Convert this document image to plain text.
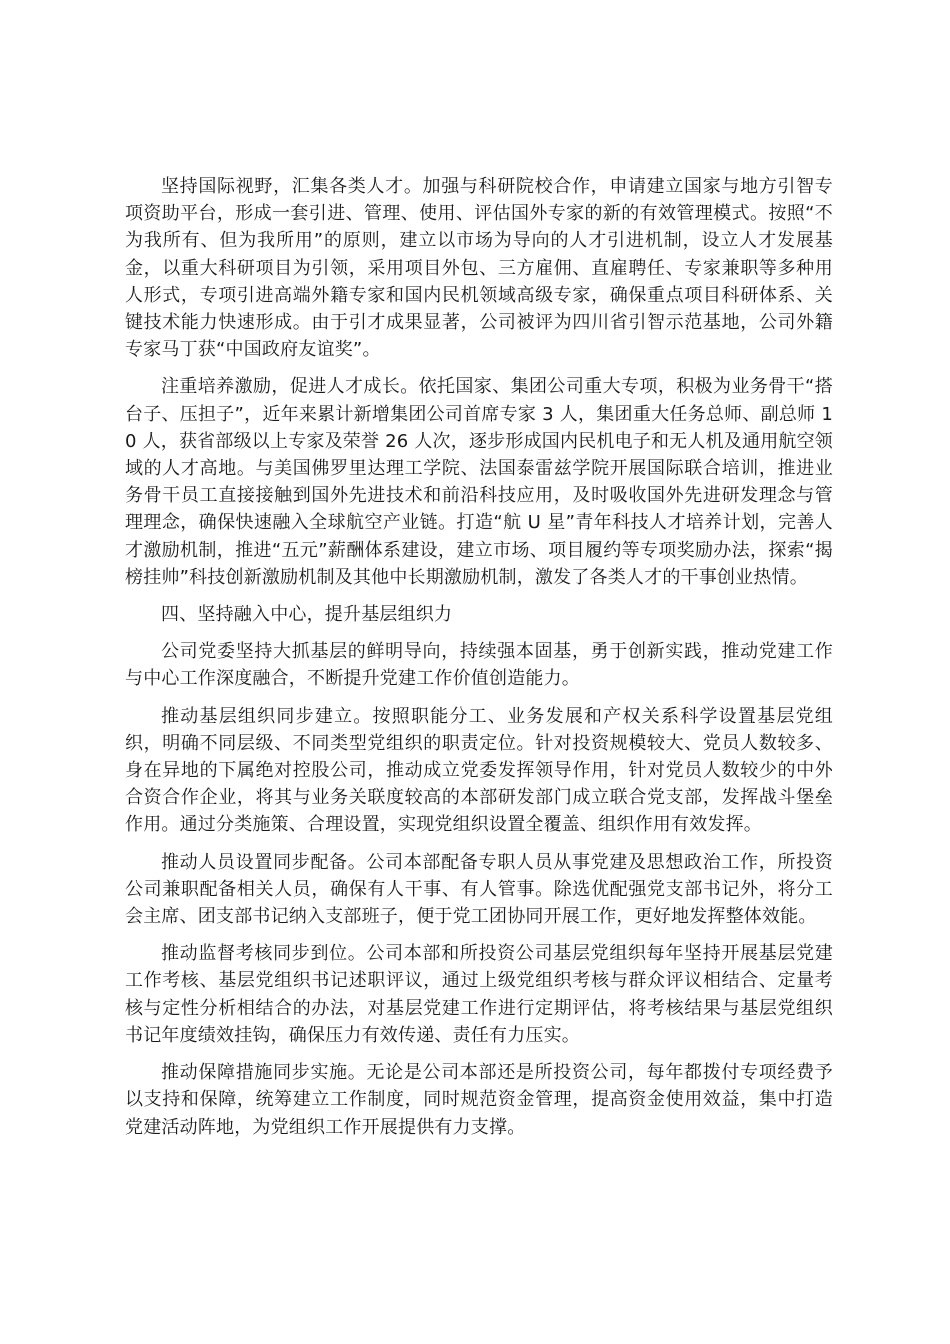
坚持国际视野，汇集各类人才。加强与科研院校合作，申请建立国家与地方引智专项资助平台，形成一套引进、管理、使用、评估国外专家的新的有效管理模式。按照“不为我所有、但为我所用”的原则，建立以市场为导向的人才引进机制，设立人才发展基金，以重大科研项目为引领，采用项目外包、三方雇佣、直雇聘任、专家兼职等多种用人形式，专项引进高端外籍专家和国内民机领域高级专家，确保重点项目科研体系、关键技术能力快速形成。由于引才成果显著，公司被评为四川省引智示范基地，公司外籍专家马丁获“中国政府友谊奖”。

注重培养激励，促进人才成长。依托国家、集团公司重大专项，积极为业务骨干“搭台子、压担子”，近年来累计新增集团公司首席专家 3 人，集团重大任务总师、副总师 10 人，获省部级以上专家及荣誉 26 人次，逐步形成国内民机电子和无人机及通用航空领域的人才高地。与美国佛罗里达理工学院、法国泰雷兹学院开展国际联合培训，推进业务骨干员工直接接触到国外先进技术和前沿科技应用，及时吸收国外先进研发理念与管理理念，确保快速融入全球航空产业链。打造“航 U 星”青年科技人才培养计划，完善人才激励机制，推进“五元”薪酬体系建设，建立市场、项目履约等专项奖励办法，探索“揭榜挂帅”科技创新激励机制及其他中长期激励机制，激发了各类人才的干事创业热情。

四、坚持融入中心，提升基层组织力

公司党委坚持大抓基层的鲜明导向，持续强本固基，勇于创新实践，推动党建工作与中心工作深度融合，不断提升党建工作价值创造能力。

推动基层组织同步建立。按照职能分工、业务发展和产权关系科学设置基层党组织，明确不同层级、不同类型党组织的职责定位。针对投资规模较大、党员人数较多、身在异地的下属绝对控股公司，推动成立党委发挥领导作用，针对党员人数较少的中外合资合作企业，将其与业务关联度较高的本部研发部门成立联合党支部，发挥战斗堡垒作用。通过分类施策、合理设置，实现党组织设置全覆盖、组织作用有效发挥。

推动人员设置同步配备。公司本部配备专职人员从事党建及思想政治工作，所投资公司兼职配备相关人员，确保有人干事、有人管事。除选优配强党支部书记外，将分工会主席、团支部书记纳入支部班子，便于党工团协同开展工作，更好地发挥整体效能。

推动监督考核同步到位。公司本部和所投资公司基层党组织每年坚持开展基层党建工作考核、基层党组织书记述职评议，通过上级党组织考核与群众评议相结合、定量考核与定性分析相结合的办法，对基层党建工作进行定期评估，将考核结果与基层党组织书记年度绩效挂钩，确保压力有效传递、责任有力压实。

推动保障措施同步实施。无论是公司本部还是所投资公司，每年都拨付专项经费予以支持和保障，统筹建立工作制度，同时规范资金管理，提高资金使用效益，集中打造党建活动阵地，为党组织工作开展提供有力支撑。
